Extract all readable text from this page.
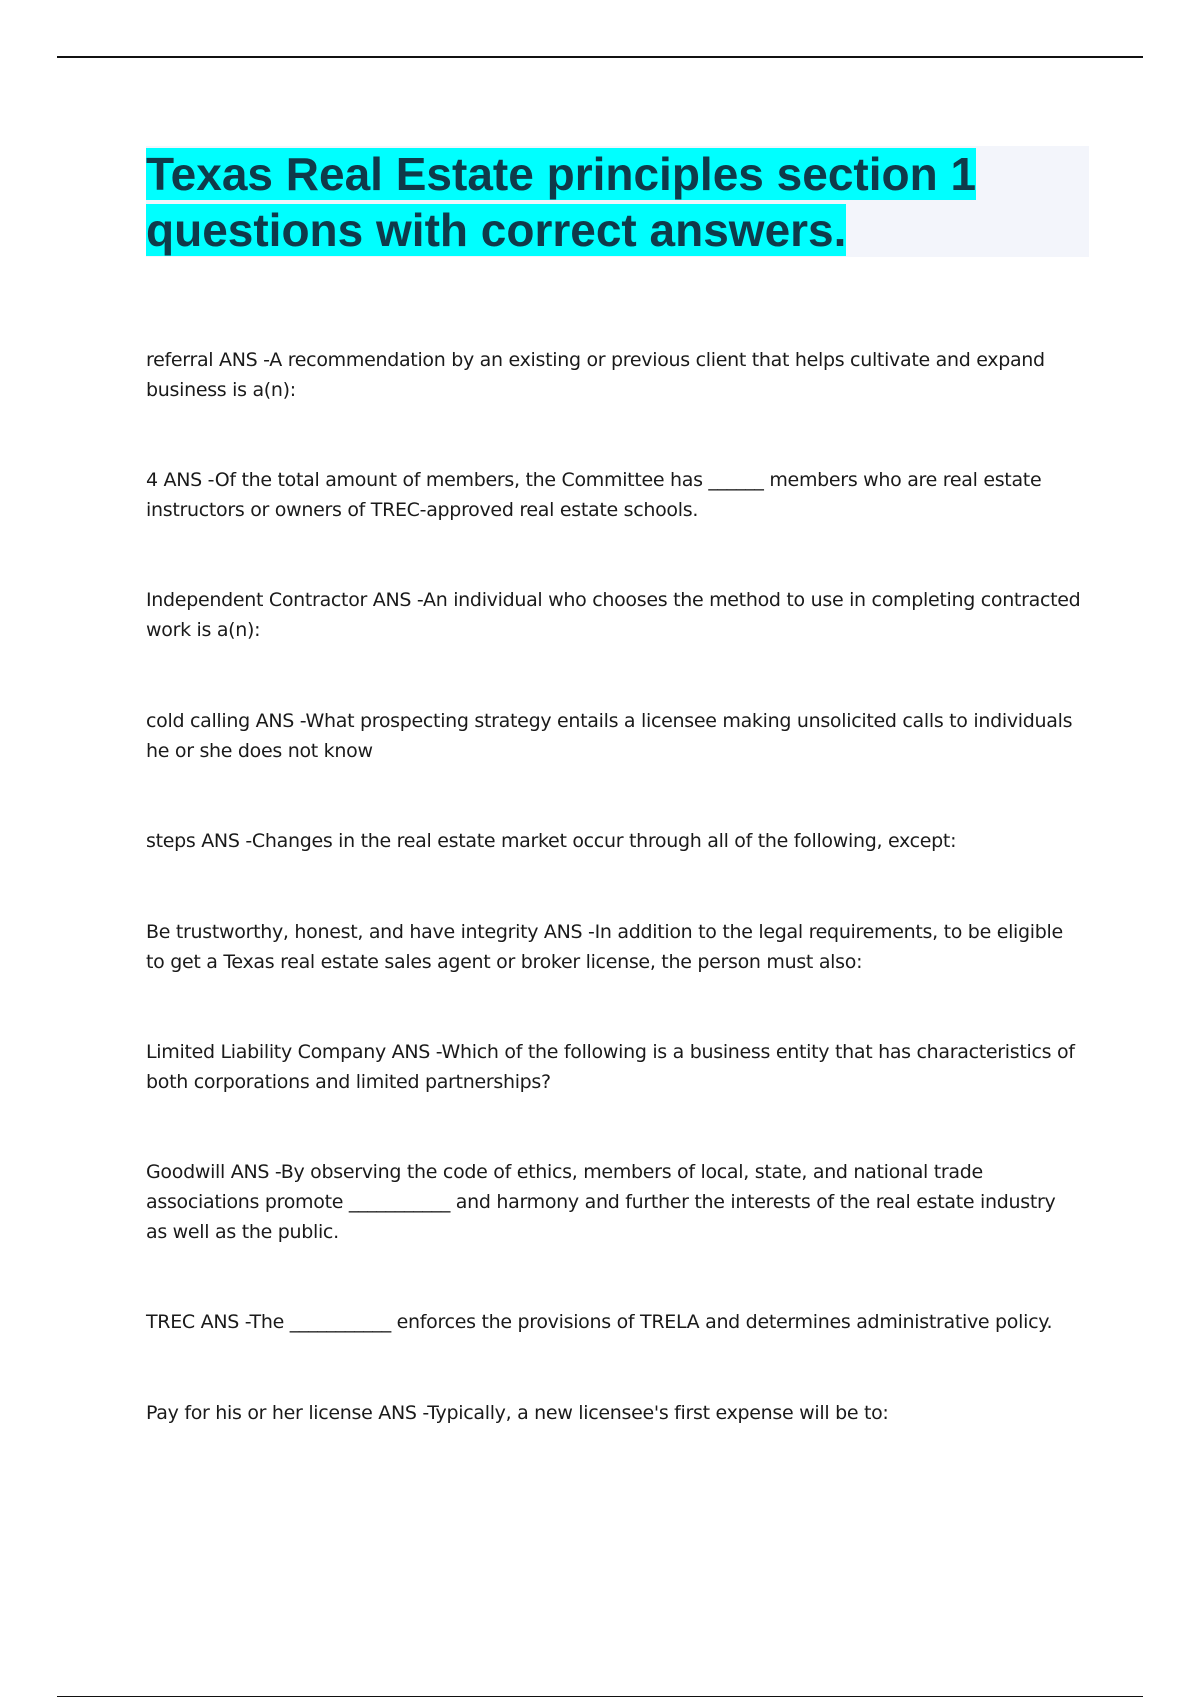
Texas Real Estate principles section 1 questions with correct answers.

referral ANS -A recommendation by an existing or previous client that helps cultivate and expand business is a(n):

4 ANS -Of the total amount of members, the Committee has ______ members who are real estate instructors or owners of TREC-approved real estate schools.

Independent Contractor ANS -An individual who chooses the method to use in completing contracted work is a(n):

cold calling ANS -What prospecting strategy entails a licensee making unsolicited calls to individuals he or she does not know

steps ANS -Changes in the real estate market occur through all of the following, except:

Be trustworthy, honest, and have integrity ANS -In addition to the legal requirements, to be eligible to get a Texas real estate sales agent or broker license, the person must also:

Limited Liability Company ANS -Which of the following is a business entity that has characteristics of both corporations and limited partnerships?

Goodwill ANS -By observing the code of ethics, members of local, state, and national trade associations promote ___________ and harmony and further the interests of the real estate industry as well as the public.

TREC ANS -The ___________ enforces the provisions of TRELA and determines administrative policy.

Pay for his or her license ANS -Typically, a new licensee's first expense will be to:
